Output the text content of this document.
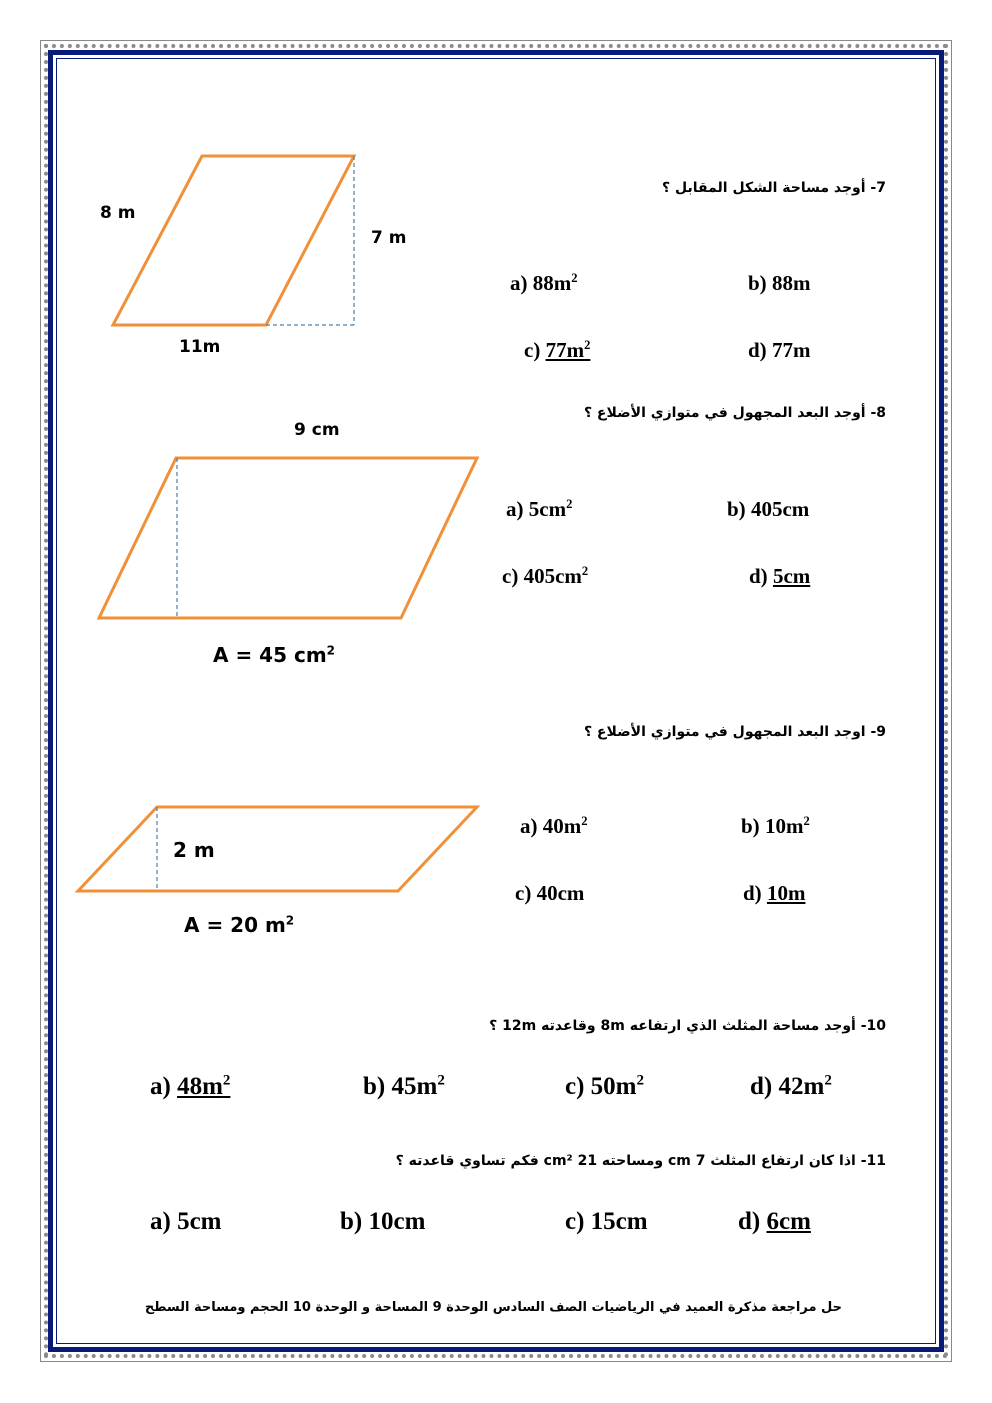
7- أوجد مساحة الشكل المقابل ؟
8 m
7 m
11m
a) $88m^2$	b) 88m
c) $77m^2$	d) 77m
8- أوجد البعد المجهول في متوازي الأضلاع ؟
9 cm
A = 45 $cm^2$
a) $5cm^2$	b) 405cm
c) $405cm^2$	d) 5cm
9- اوجد البعد المجهول في متوازي الأضلاع ؟
2 m
A = 20 $m^2$
a) $40m^2$	b) $10m^2$
c) 40cm	d) 10m
10- أوجد مساحة المثلث الذي ارتفاعه 8m وقاعدته 12m ؟
a) $48m^2$	b) $45m^2$	c) $50m^2$	d) $42m^2$
11- اذا كان ارتفاع المثلث 7 cm ومساحته 21 cm² فكم تساوي قاعدته ؟
a) 5cm	b) 10cm	c) 15cm	d) 6cm
حل مراجعة مذكرة العميد في الرياضيات الصف السادس الوحدة 9 المساحة و الوحدة 10 الحجم ومساحة السطح
